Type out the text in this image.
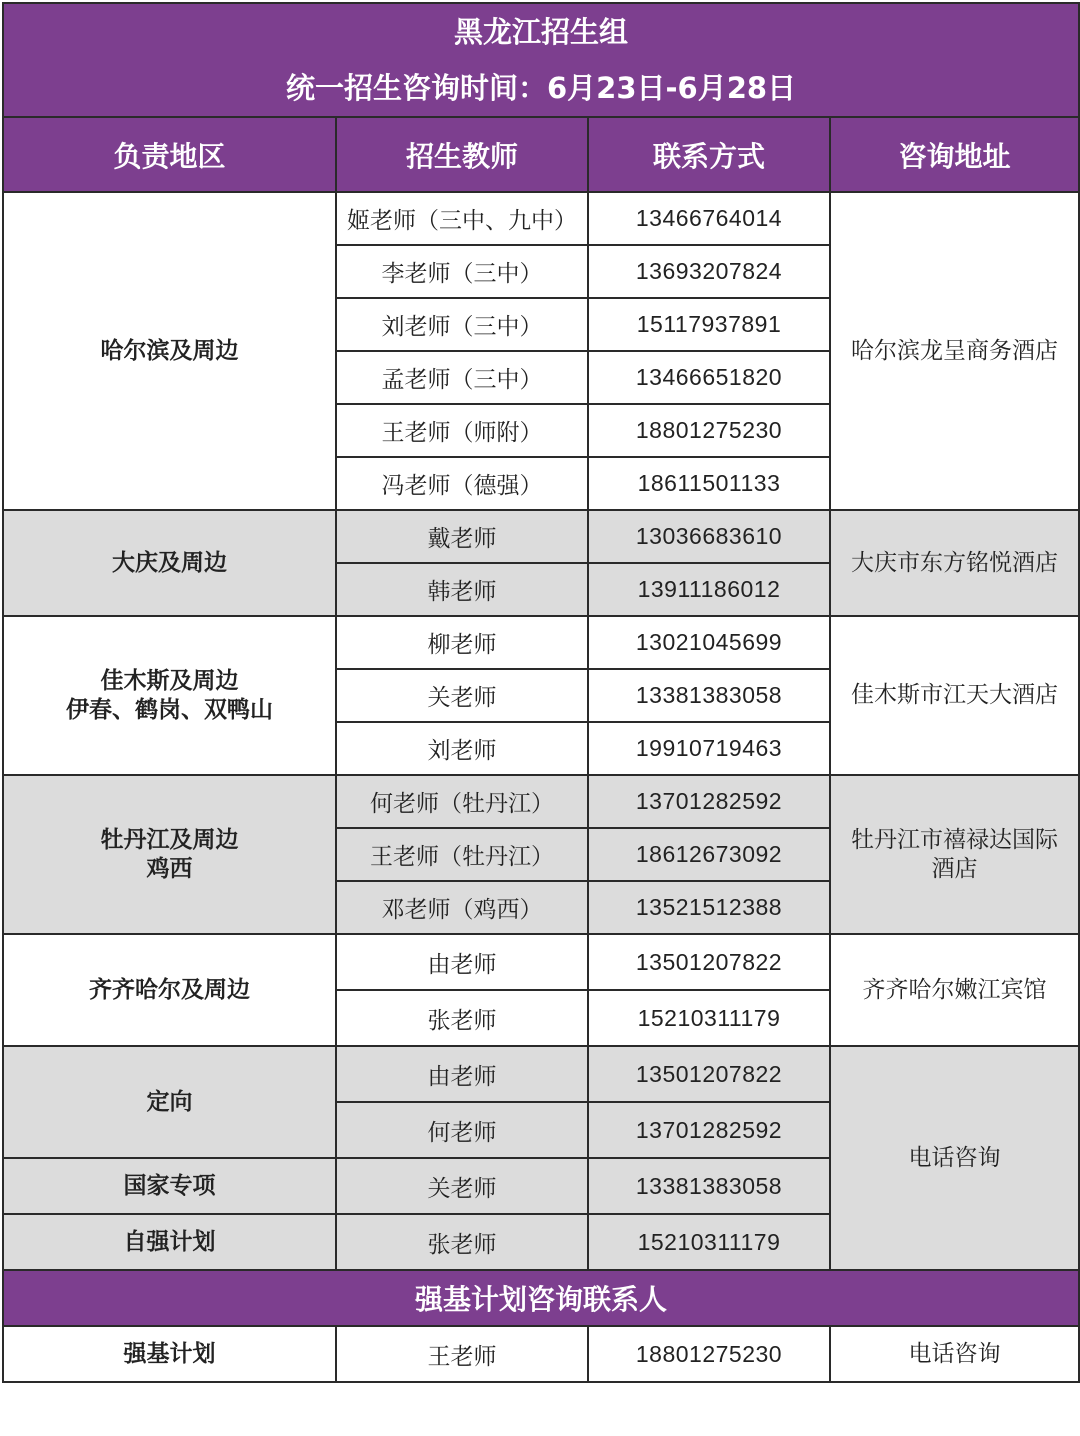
黑龙江招生组
统一招生咨询时间：6月23日-6月28日			

负责地区	招生教师	联系方式	咨询地址

哈尔滨及周边	姬老师（三中、九中）	13466764014	哈尔滨龙呈商务酒店

	李老师（三中）	13693207824	
	刘老师（三中）	15117937891	
	孟老师（三中）	13466651820	
	王老师（师附）	18801275230	
	冯老师（德强）	18611501133	

大庆及周边	戴老师	13036683610	大庆市东方铭悦酒店

	韩老师	13911186012	

佳木斯及周边
伊春、鹤岗、双鸭山	柳老师	13021045699	佳木斯市江天大酒店

	关老师	13381383058	
	刘老师	19910719463	

牡丹江及周边
鸡西	何老师（牡丹江）	13701282592	牡丹江市禧禄达国际
酒店

	王老师（牡丹江）	18612673092	
	邓老师（鸡西）	13521512388	

齐齐哈尔及周边	由老师	13501207822	齐齐哈尔嫩江宾馆

	张老师	15210311179	

定向	由老师	13501207822	电话咨询

	何老师	13701282592	

国家专项	关老师	13381383058	

自强计划	张老师	15210311179	
强基计划咨询联系人			

强基计划	王老师	18801275230	电话咨询
